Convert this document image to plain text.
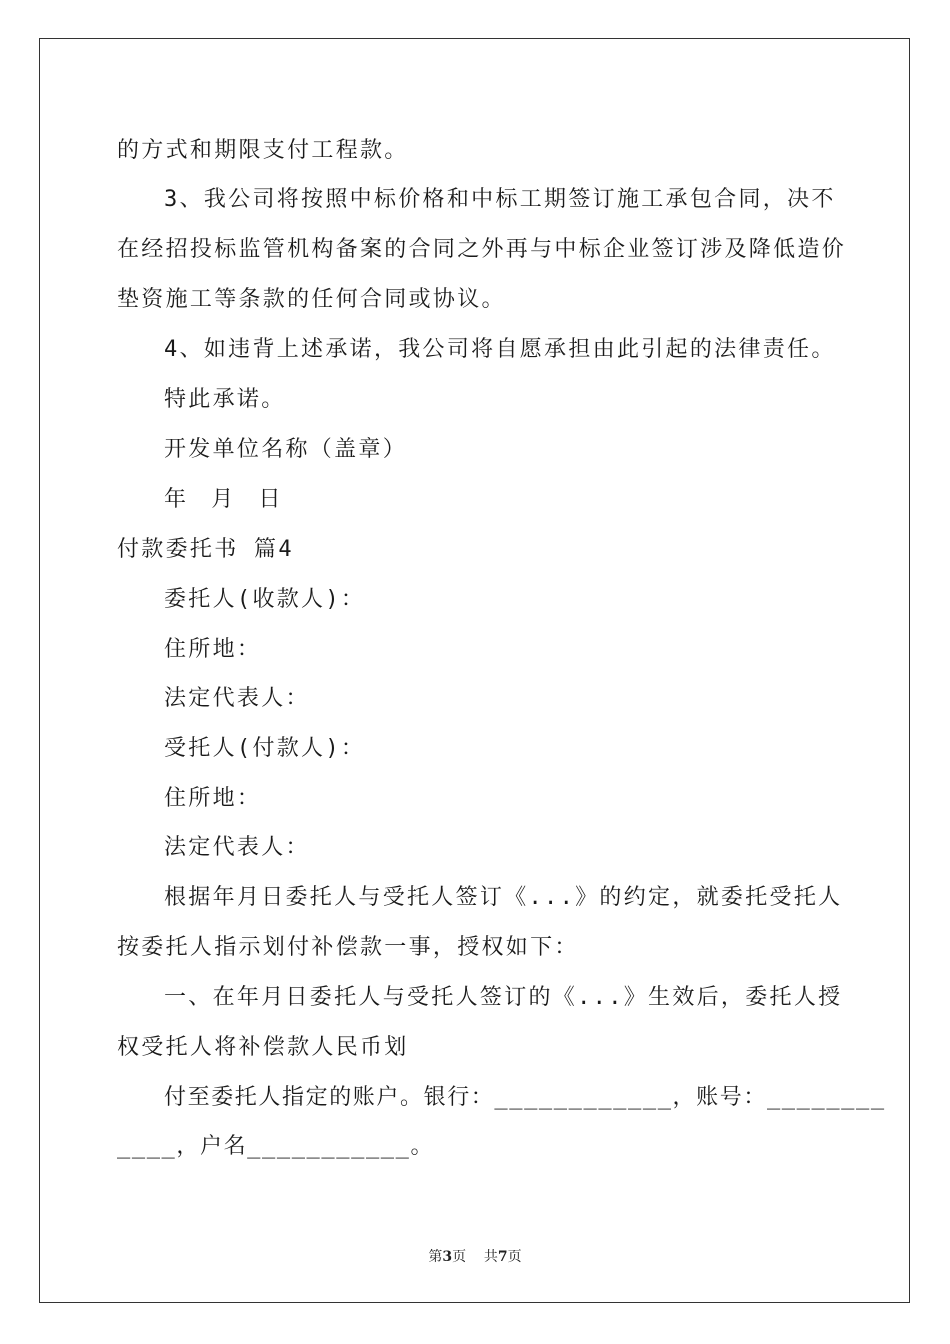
的方式和期限支付工程款。
3、我公司将按照中标价格和中标工期签订施工承包合同，决不
在经招投标监管机构备案的合同之外再与中标企业签订涉及降低造价
垫资施工等条款的任何合同或协议。
4、如违背上述承诺，我公司将自愿承担由此引起的法律责任。
特此承诺。
开发单位名称（盖章）
年 月 日
付款委托书 篇4
委托人(收款人)：
住所地：
法定代表人：
受托人(付款人)：
住所地：
法定代表人：
根据年月日委托人与受托人签订《...》的约定，就委托受托人
按委托人指示划付补偿款一事，授权如下：
一、在年月日委托人与受托人签订的《...》生效后，委托人授
权受托人将补偿款人民币划
付至委托人指定的账户。银行：____________，账号：________
____，户名___________。
第3页 共7页
